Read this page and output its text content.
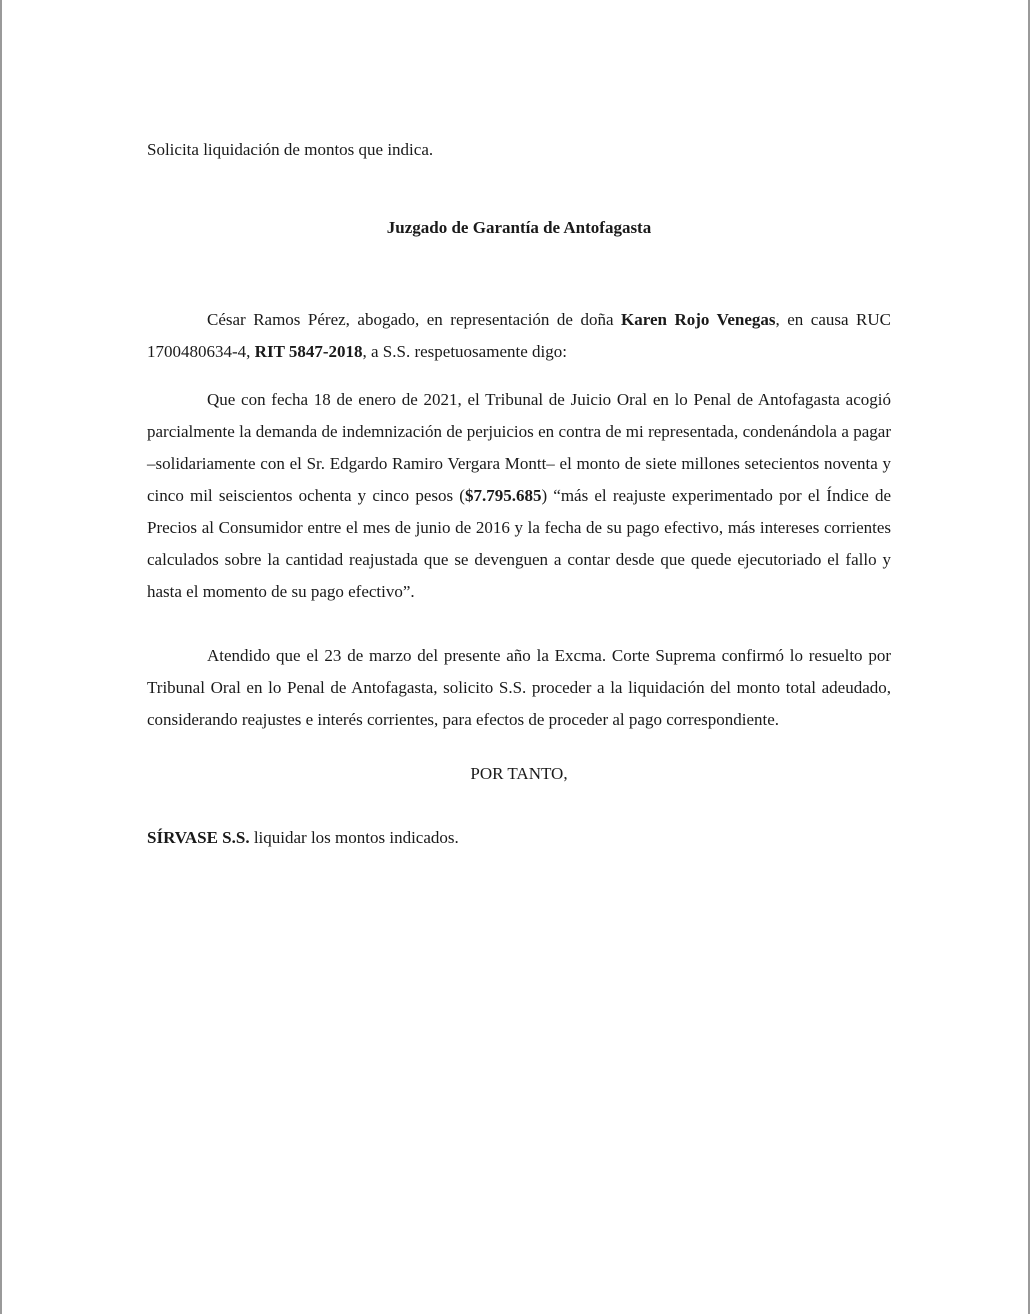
Solicita liquidación de montos que indica.

Juzgado de Garantía de Antofagasta

César Ramos Pérez, abogado, en representación de doña Karen Rojo Venegas, en causa RUC 1700480634-4, RIT 5847-2018, a S.S. respetuosamente digo:

Que con fecha 18 de enero de 2021, el Tribunal de Juicio Oral en lo Penal de Antofagasta acogió parcialmente la demanda de indemnización de perjuicios en contra de mi representada, condenándola a pagar –solidariamente con el Sr. Edgardo Ramiro Vergara Montt– el monto de siete millones setecientos noventa y cinco mil seiscientos ochenta y cinco pesos ($7.795.685) “más el reajuste experimentado por el Índice de Precios al Consumidor entre el mes de junio de 2016 y la fecha de su pago efectivo, más intereses corrientes calculados sobre la cantidad reajustada que se devenguen a contar desde que quede ejecutoriado el fallo y hasta el momento de su pago efectivo”.

Atendido que el 23 de marzo del presente año la Excma. Corte Suprema confirmó lo resuelto por Tribunal Oral en lo Penal de Antofagasta, solicito S.S. proceder a la liquidación del monto total adeudado, considerando reajustes e interés corrientes, para efectos de proceder al pago correspondiente.

POR TANTO,

SÍRVASE S.S. liquidar los montos indicados.
